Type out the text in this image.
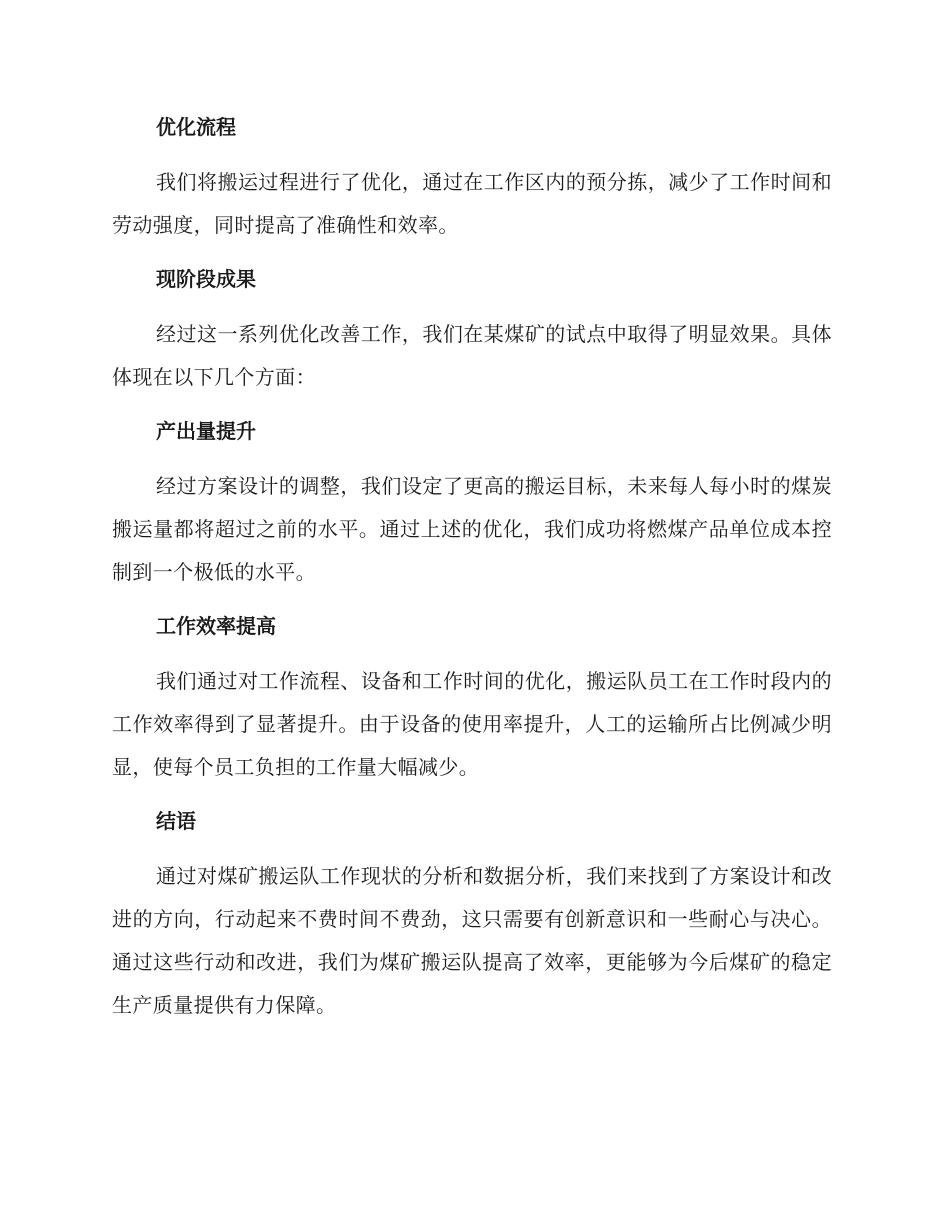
优化流程

我们将搬运过程进行了优化，通过在工作区内的预分拣，减少了工作时间和劳动强度，同时提高了准确性和效率。

现阶段成果

经过这一系列优化改善工作，我们在某煤矿的试点中取得了明显效果。具体体现在以下几个方面：

产出量提升

经过方案设计的调整，我们设定了更高的搬运目标，未来每人每小时的煤炭搬运量都将超过之前的水平。通过上述的优化，我们成功将燃煤产品单位成本控制到一个极低的水平。

工作效率提高

我们通过对工作流程、设备和工作时间的优化，搬运队员工在工作时段内的工作效率得到了显著提升。由于设备的使用率提升，人工的运输所占比例减少明显，使每个员工负担的工作量大幅减少。

结语

通过对煤矿搬运队工作现状的分析和数据分析，我们来找到了方案设计和改进的方向，行动起来不费时间不费劲，这只需要有创新意识和一些耐心与决心。通过这些行动和改进，我们为煤矿搬运队提高了效率，更能够为今后煤矿的稳定生产质量提供有力保障。
